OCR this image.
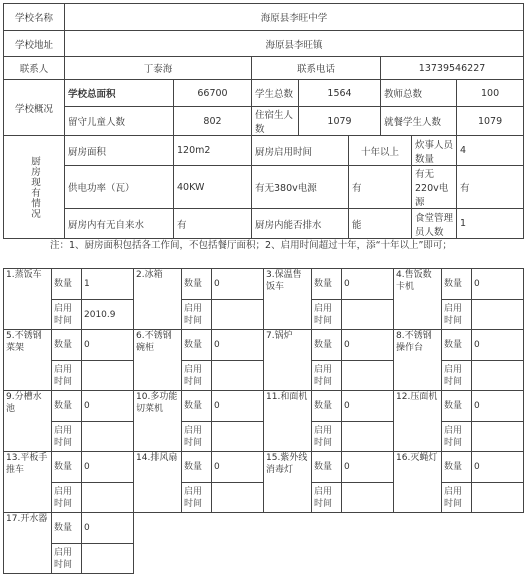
学校名称	海原县李旺中学							
学校地址	海原县李旺镇							
联系人	丁泰海		联系电话			13739546227		
学校概况	学校总面积	66700	学生总数	1564		教师总数		100
	留守儿童人数	802	住宿生人数	1079		就餐学生人数		1079

厨房现有情况	厨房面积	120m2	厨房启用时间		十年以上		炊事人员数量	4
	供电功率（瓦）	40KW	有无380v电源		有		有无220v电源	有
	厨房内有无自来水	有	厨房内能否排水		能		食堂管理员人数	1
注：1、厨房面积包括各工作间，不包括餐厅面积；2、启用时间超过十年，添“十年以上”即可；
1.蒸饭车	数量	1	2.冰箱	数量	0	3.保温售饭车	数量	0	4.售饭数卡机	数量	0
	启用时间	2010.9		启用时间			启用时间			启用时间	
5.不锈钢菜架	数量	0	6.不锈钢碗柜	数量	0	7.锅炉	数量	0	8.不锈钢操作台	数量	0
	启用时间			启用时间			启用时间			启用时间	
9.分槽水池	数量	0	10.多功能切菜机	数量	0	11.和面机	数量	0	12.压面机	数量	0
	启用时间			启用时间			启用时间			启用时间	
13.平板手推车	数量	0	14.排风扇	数量	0	15.紫外线消毒灯	数量	0	16.灭蝇灯	数量	0
	启用时间			启用时间			启用时间			启用时间	
17.开水器	数量	0									
	启用时间										
